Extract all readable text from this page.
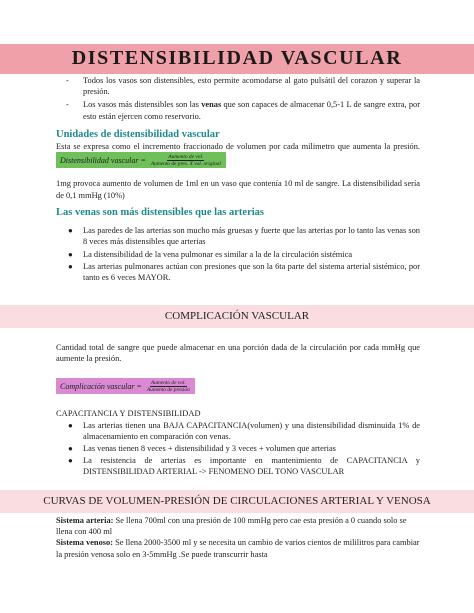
DISTENSIBILIDAD VASCULAR
- Todos los vasos son distensibles, esto permite acomodarse al gato pulsátil del corazon y superar la presión.
- Los vasos más distensibles son las venas que son capaces de almacenar 0,5-1 L de sangre extra, por esto están ejercen como reservorio.
Unidades de distensibilidad vascular
Esta se expresa como el incremento fraccionado de volumen por cada milimetro que aumenta la presión.
Distensibilidad vascular = $\frac{\text{Aumento de vol.}}{\text{Aumento de pres. X vol. original}}$
1mg provoca aumento de volumen de 1ml en un vaso que contenía 10 ml de sangre. La distensibilidad sería de 0,1 mmHg (10%)
Las venas son más distensibles que las arterias
● Las paredes de las arterias son mucho más gruesas y fuerte que las arterias por lo tanto las venas son 8 veces más distensibles que arterias
● La distensibilidad de la vena pulmonar es similar a la de la circulación sistémica
● Las arterias pulmonares actúan con presiones que son la 6ta parte del sistema arterial sistémico, por tanto es 6 veces MAYOR.
COMPLICACIÓN VASCULAR
Cantidad total de sangre que puede almacenar en una porción dada de la circulación por cada mmHg que aumente la presión.
Complicación vascular = $\frac{\text{Aumento de vol.}}{\text{Aumento de presión}}$
CAPACITANCIA Y DISTENSIBILIDAD
● Las arterias tienen una BAJA CAPACITANCIA(volumen) y una distensibilidad disminuida 1% de almacenamiento en comparación con venas.
● Las venas tienen 8 veces + distensibilidad y 3 veces + volumen que arterias
● La resistencia de arterias es importante en mantenimiento de CAPACITANCIA y DISTENSIBILIDAD ARTERIAL -> FENOMENO DEL TONO VASCULAR
CURVAS DE VOLUMEN-PRESIÓN DE CIRCULACIONES ARTERIAL Y VENOSA
Sistema arteria: Se llena 700ml con una presión de 100 mmHg pero cae esta presión a 0 cuando solo se llena con 400 ml
Sistema venoso: Se llena 2000-3500 ml y se necesita un cambio de varios cientos de mililitros para cambiar la presión venosa solo en 3-5mmHg .Se puede transcurrir hasta
